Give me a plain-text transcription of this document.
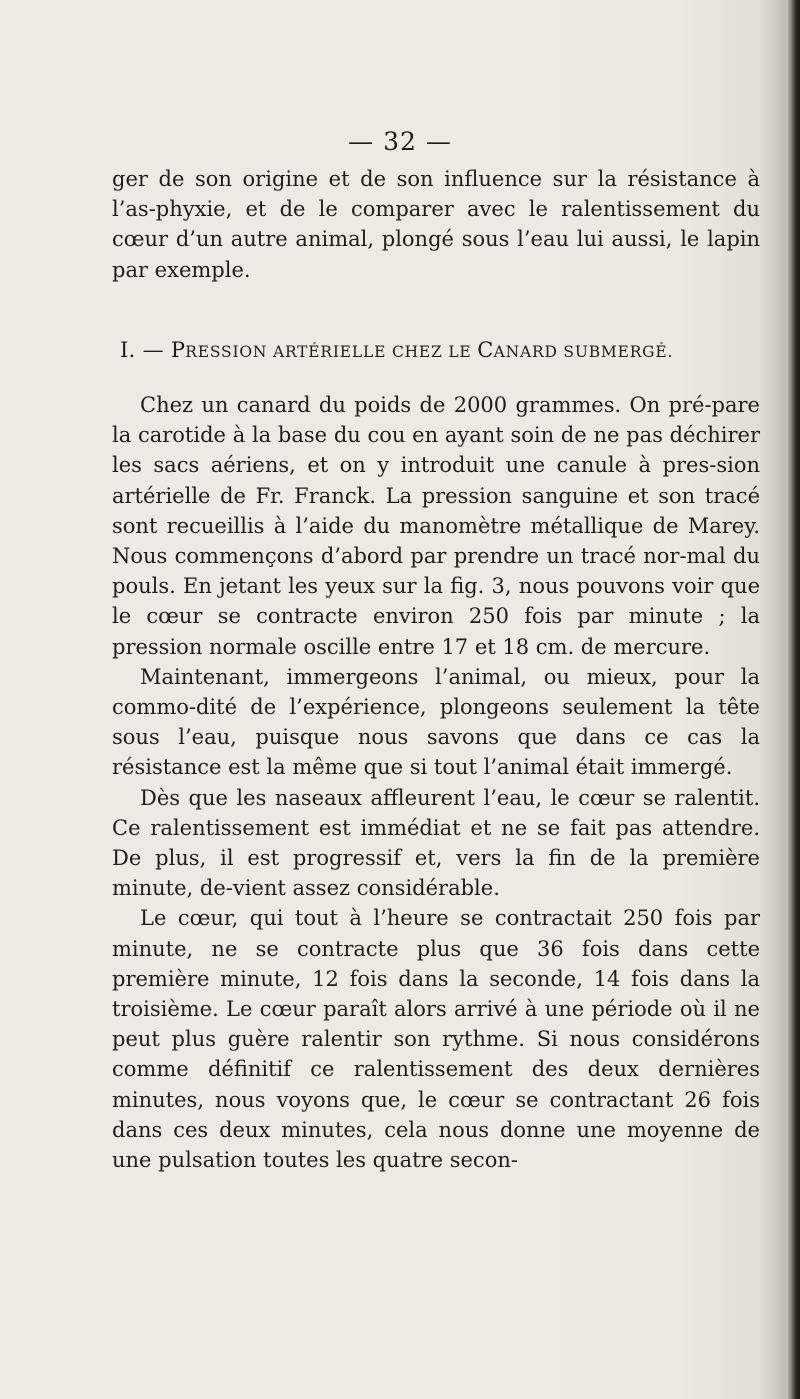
— 32 —
ger de son origine et de son influence sur la résistance à l’as-phyxie, et de le comparer avec le ralentissement du cœur d’un autre animal, plongé sous l’eau lui aussi, le lapin par exemple.
I. — PRESSION ARTÉRIELLE CHEZ LE CANARD SUBMERGÉ.

Chez un canard du poids de 2000 grammes. On pré-pare la carotide à la base du cou en ayant soin de ne pas déchirer les sacs aériens, et on y introduit une canule à pres-sion artérielle de Fr. Franck. La pression sanguine et son tracé sont recueillis à l’aide du manomètre métallique de Marey. Nous commençons d’abord par prendre un tracé nor-mal du pouls. En jetant les yeux sur la fig. 3, nous pouvons voir que le cœur se contracte environ 250 fois par minute ; la pression normale oscille entre 17 et 18 cm. de mercure.

Maintenant, immergeons l’animal, ou mieux, pour la commo-dité de l’expérience, plongeons seulement la tête sous l’eau, puisque nous savons que dans ce cas la résistance est la même que si tout l’animal était immergé.

Dès que les naseaux affleurent l’eau, le cœur se ralentit. Ce ralentissement est immédiat et ne se fait pas attendre. De plus, il est progressif et, vers la fin de la première minute, de-vient assez considérable.

Le cœur, qui tout à l’heure se contractait 250 fois par minute, ne se contracte plus que 36 fois dans cette première minute, 12 fois dans la seconde, 14 fois dans la troisième. Le cœur paraît alors arrivé à une période où il ne peut plus guère ralentir son rythme. Si nous considérons comme définitif ce ralentissement des deux dernières minutes, nous voyons que, le cœur se contractant 26 fois dans ces deux minutes, cela nous donne une moyenne de une pulsation toutes les quatre secon-
